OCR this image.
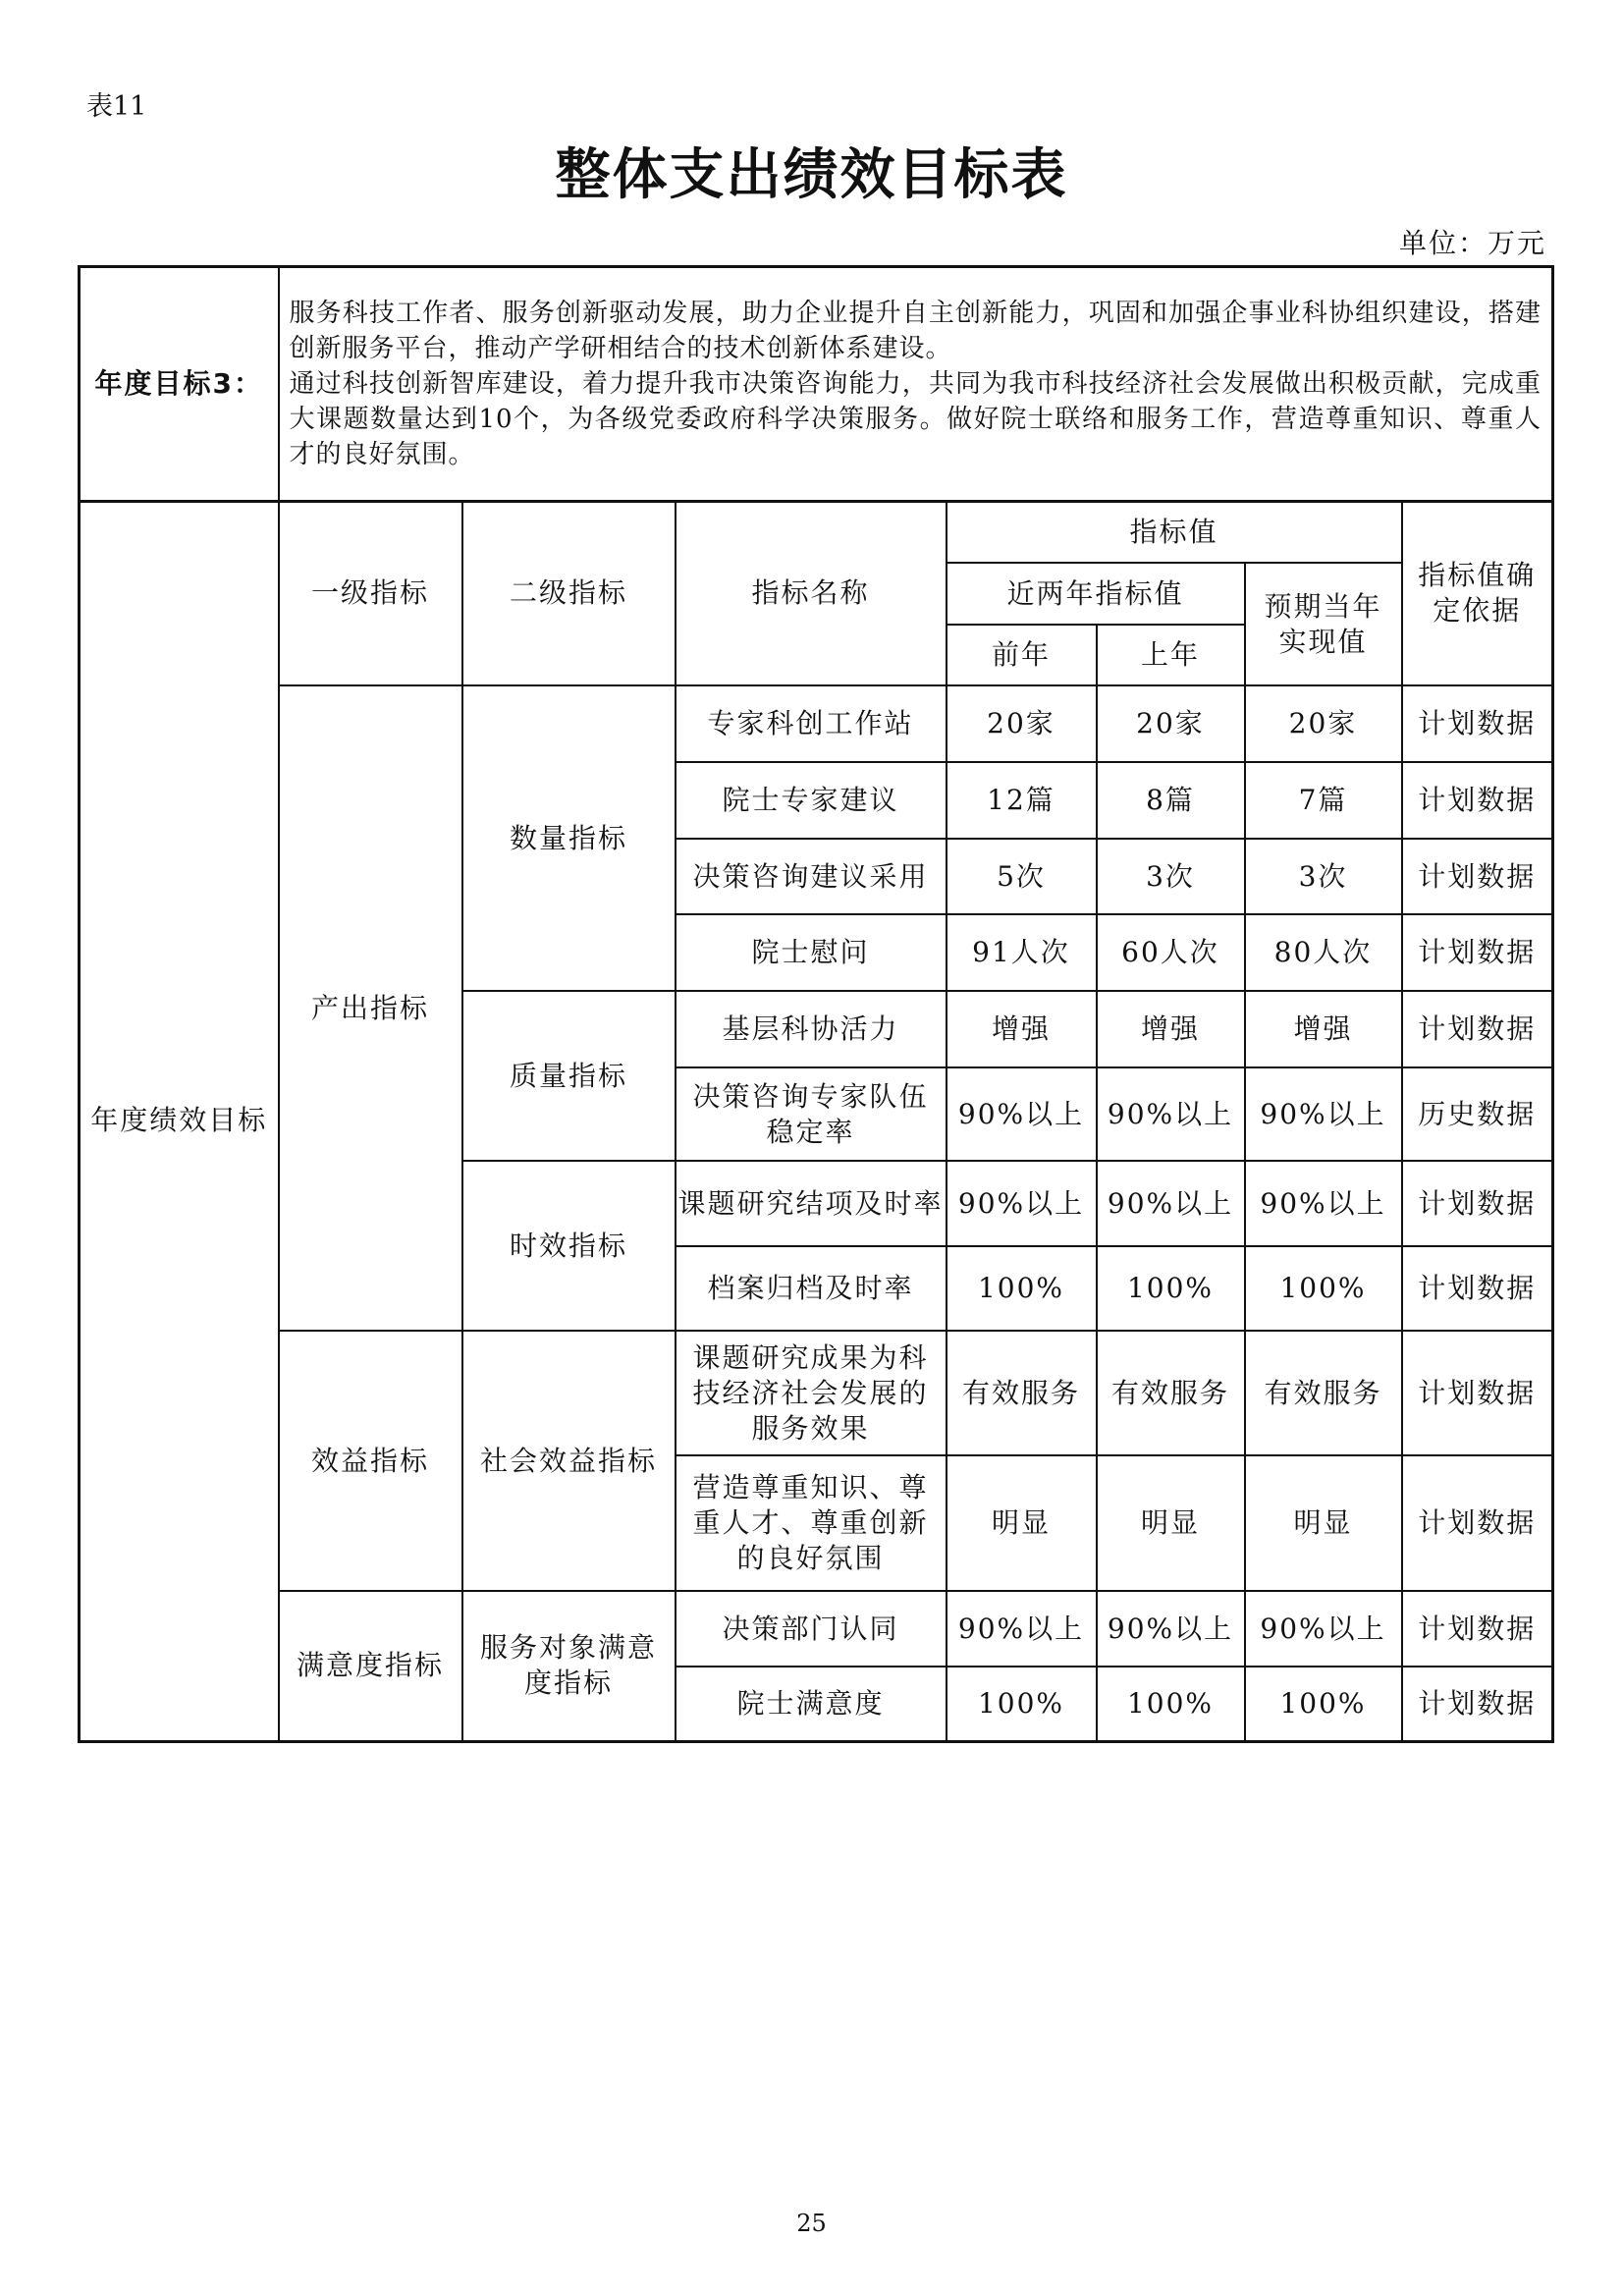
表11
整体支出绩效目标表
单位：万元
年度目标3：	

服务科技工作者、服务创新驱动发展，助力企业提升自主创新能力，巩固和加强企事业科协组织建设，搭建创新服务平台，推动产学研相结合的技术创新体系建设。

通过科技创新智库建设，着力提升我市决策咨询能力，共同为我市科技经济社会发展做出积极贡献，完成重大课题数量达到10个，为各级党委政府科学决策服务。做好院士联络和服务工作，营造尊重知识、尊重人才的良好氛围。

年度绩效目标	一级指标	二级指标	指标名称	指标值			指标值确定依据
				近两年指标值		预期当年实现值	
				前年	上年		
	产出指标	数量指标	专家科创工作站	20家	20家	20家	计划数据
			院士专家建议	12篇	8篇	7篇	计划数据
			决策咨询建议采用	5次	3次	3次	计划数据
			院士慰问	91人次	60人次	80人次	计划数据
		质量指标	基层科协活力	增强	增强	增强	计划数据
			决策咨询专家队伍稳定率	90%以上	90%以上	90%以上	历史数据
		时效指标	课题研究结项及时率	90%以上	90%以上	90%以上	计划数据
			档案归档及时率	100%	100%	100%	计划数据
	效益指标	社会效益指标	课题研究成果为科技经济社会发展的服务效果	有效服务	有效服务	有效服务	计划数据
			营造尊重知识、尊重人才、尊重创新的良好氛围	明显	明显	明显	计划数据
	满意度指标	服务对象满意度指标	决策部门认同	90%以上	90%以上	90%以上	计划数据
			院士满意度	100%	100%	100%	计划数据
25
